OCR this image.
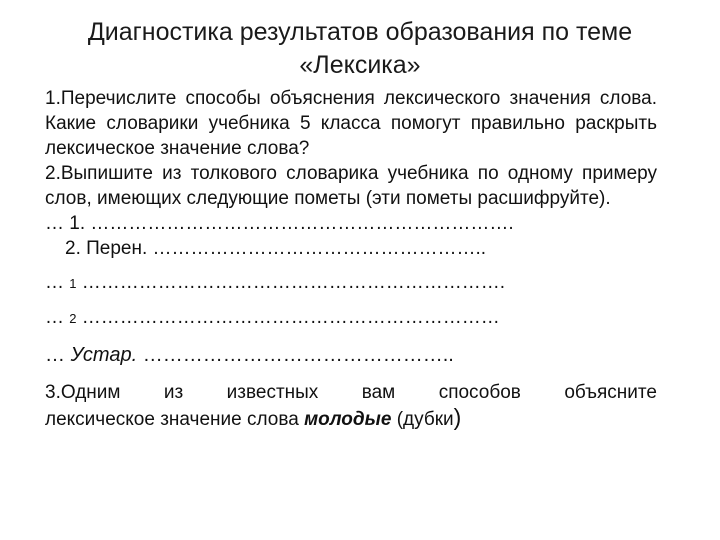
Диагностика результатов образования по теме
«Лексика»

1.Перечислите способы объяснения лексического значения слова. Какие словарики учебника 5 класса помогут правильно раскрыть лексическое значение слова?

2.Выпишите из толкового словарика учебника по одному примеру слов, имеющих следующие пометы (эти пометы расшифруйте).

… 1. ………………………………………………………….

2. Перен. ……………………………………………..

… 1 ………………………………………………………….

… 2 …………………………………………………………

… Устар. ………………………………………..

3.Одним из известных вам способов объясните
лексическое значение слова молодые (дубки)
